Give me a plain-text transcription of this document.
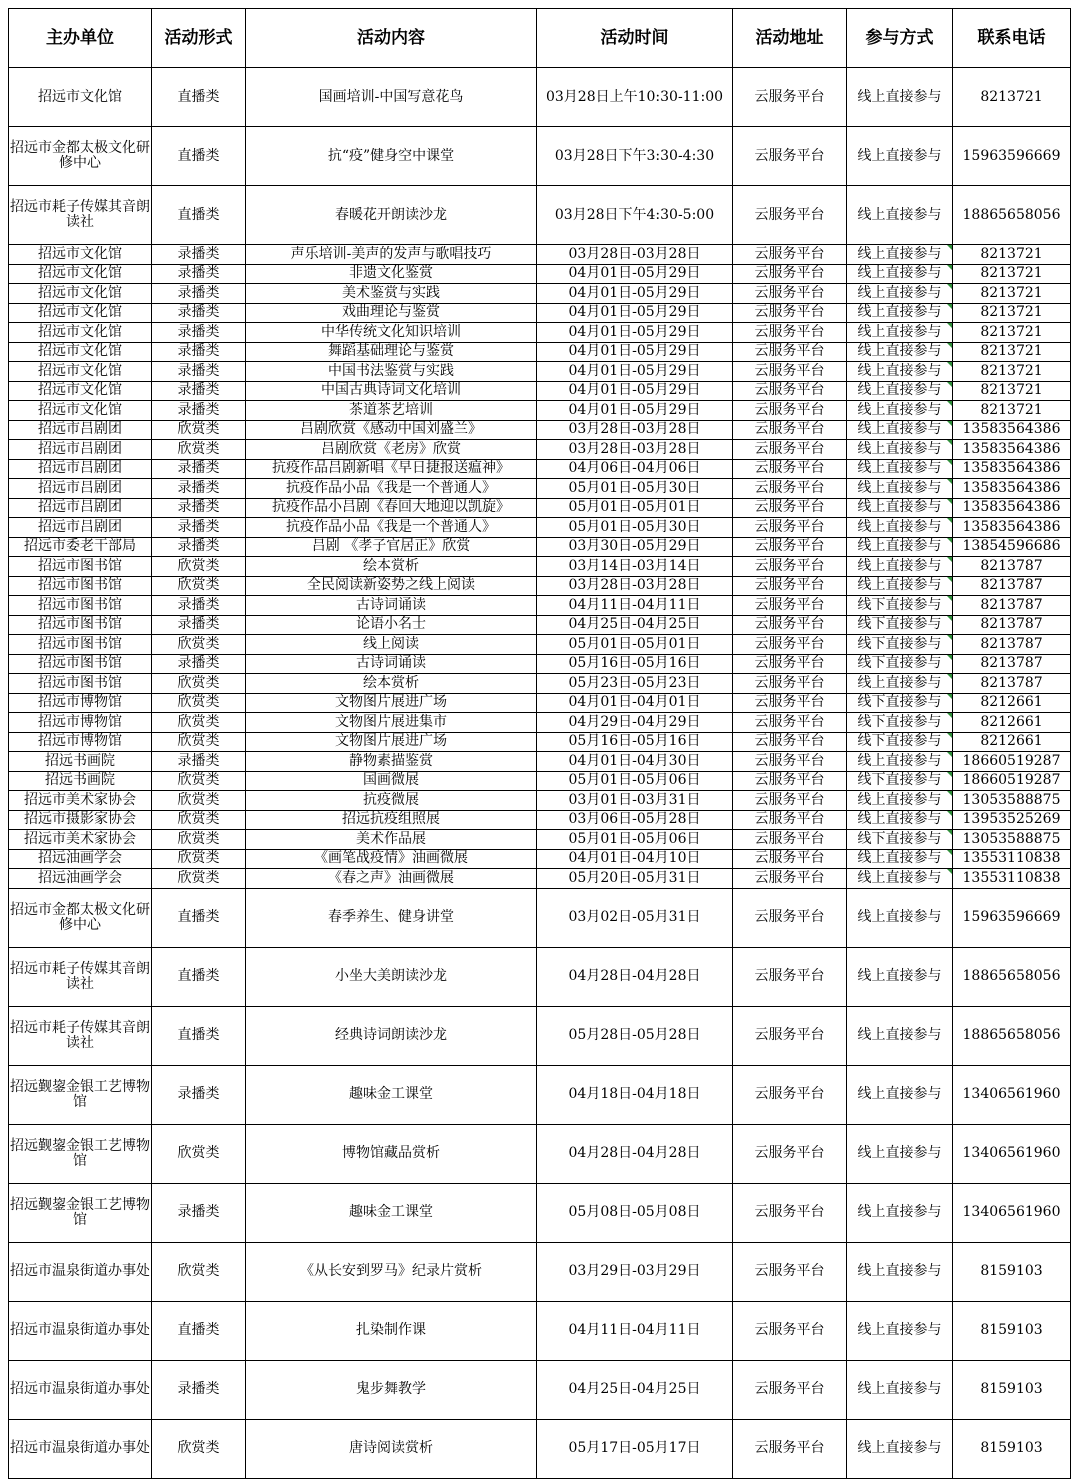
主办单位	活动形式	活动内容	活动时间	活动地址	参与方式	联系电话
招远市文化馆	直播类	国画培训-中国写意花鸟	03月28日上午10:30-11:00	云服务平台	线上直接参与	8213721
招远市金都太极文化研修中心	直播类	抗“疫”健身空中课堂	03月28日下午3:30-4:30	云服务平台	线上直接参与	15963596669
招远市耗子传媒其音朗读社	直播类	春暖花开朗读沙龙	03月28日下午4:30-5:00	云服务平台	线上直接参与	18865658056
招远市文化馆	录播类	声乐培训-美声的发声与歌唱技巧	03月28日-03月28日	云服务平台	线上直接参与	8213721
招远市文化馆	录播类	非遗文化鉴赏	04月01日-05月29日	云服务平台	线上直接参与	8213721
招远市文化馆	录播类	美术鉴赏与实践	04月01日-05月29日	云服务平台	线上直接参与	8213721
招远市文化馆	录播类	戏曲理论与鉴赏	04月01日-05月29日	云服务平台	线上直接参与	8213721
招远市文化馆	录播类	中华传统文化知识培训	04月01日-05月29日	云服务平台	线上直接参与	8213721
招远市文化馆	录播类	舞蹈基础理论与鉴赏	04月01日-05月29日	云服务平台	线上直接参与	8213721
招远市文化馆	录播类	中国书法鉴赏与实践	04月01日-05月29日	云服务平台	线上直接参与	8213721
招远市文化馆	录播类	中国古典诗词文化培训	04月01日-05月29日	云服务平台	线上直接参与	8213721
招远市文化馆	录播类	茶道茶艺培训	04月01日-05月29日	云服务平台	线上直接参与	8213721
招远市吕剧团	欣赏类	吕剧欣赏《感动中国刘盛兰》	03月28日-03月28日	云服务平台	线上直接参与	13583564386
招远市吕剧团	欣赏类	吕剧欣赏《老房》欣赏	03月28日-03月28日	云服务平台	线上直接参与	13583564386
招远市吕剧团	录播类	抗疫作品吕剧新唱《早日捷报送瘟神》	04月06日-04月06日	云服务平台	线上直接参与	13583564386
招远市吕剧团	录播类	抗疫作品小品《我是一个普通人》	05月01日-05月30日	云服务平台	线上直接参与	13583564386
招远市吕剧团	录播类	抗疫作品小吕剧《春回大地迎以凯旋》	05月01日-05月01日	云服务平台	线上直接参与	13583564386
招远市吕剧团	录播类	抗疫作品小品《我是一个普通人》	05月01日-05月30日	云服务平台	线上直接参与	13583564386
招远市委老干部局	录播类	吕剧 《孝子官居正》欣赏	03月30日-05月29日	云服务平台	线上直接参与	13854596686
招远市图书馆	欣赏类	绘本赏析	03月14日-03月14日	云服务平台	线上直接参与	8213787
招远市图书馆	欣赏类	全民阅读新姿势之线上阅读	03月28日-03月28日	云服务平台	线上直接参与	8213787
招远市图书馆	录播类	古诗词诵读	04月11日-04月11日	云服务平台	线下直接参与	8213787
招远市图书馆	录播类	论语小名士	04月25日-04月25日	云服务平台	线下直接参与	8213787
招远市图书馆	欣赏类	线上阅读	05月01日-05月01日	云服务平台	线下直接参与	8213787
招远市图书馆	录播类	古诗词诵读	05月16日-05月16日	云服务平台	线下直接参与	8213787
招远市图书馆	欣赏类	绘本赏析	05月23日-05月23日	云服务平台	线上直接参与	8213787
招远市博物馆	欣赏类	文物图片展进广场	04月01日-04月01日	云服务平台	线下直接参与	8212661
招远市博物馆	欣赏类	文物图片展进集市	04月29日-04月29日	云服务平台	线下直接参与	8212661
招远市博物馆	欣赏类	文物图片展进广场	05月16日-05月16日	云服务平台	线下直接参与	8212661
招远书画院	录播类	静物素描鉴赏	04月01日-04月30日	云服务平台	线上直接参与	18660519287
招远书画院	欣赏类	国画微展	05月01日-05月06日	云服务平台	线下直接参与	18660519287
招远市美术家协会	欣赏类	抗疫微展	03月01日-03月31日	云服务平台	线上直接参与	13053588875
招远市摄影家协会	欣赏类	招远抗疫组照展	03月06日-05月28日	云服务平台	线上直接参与	13953525269
招远市美术家协会	欣赏类	美术作品展	05月01日-05月06日	云服务平台	线下直接参与	13053588875
招远油画学会	欣赏类	《画笔战疫情》油画微展	04月01日-04月10日	云服务平台	线上直接参与	13553110838
招远油画学会	欣赏类	《春之声》油画微展	05月20日-05月31日	云服务平台	线上直接参与	13553110838
招远市金都太极文化研修中心	直播类	春季养生、健身讲堂	03月02日-05月31日	云服务平台	线上直接参与	15963596669
招远市耗子传媒其音朗读社	直播类	小坐大美朗读沙龙	04月28日-04月28日	云服务平台	线上直接参与	18865658056
招远市耗子传媒其音朗读社	直播类	经典诗词朗读沙龙	05月28日-05月28日	云服务平台	线上直接参与	18865658056
招远觐鋆金银工艺博物馆	录播类	趣味金工课堂	04月18日-04月18日	云服务平台	线上直接参与	13406561960
招远觐鋆金银工艺博物馆	欣赏类	博物馆藏品赏析	04月28日-04月28日	云服务平台	线上直接参与	13406561960
招远觐鋆金银工艺博物馆	录播类	趣味金工课堂	05月08日-05月08日	云服务平台	线上直接参与	13406561960
招远市温泉街道办事处	欣赏类	《从长安到罗马》纪录片赏析	03月29日-03月29日	云服务平台	线上直接参与	8159103
招远市温泉街道办事处	直播类	扎染制作课	04月11日-04月11日	云服务平台	线上直接参与	8159103
招远市温泉街道办事处	录播类	鬼步舞教学	04月25日-04月25日	云服务平台	线上直接参与	8159103
招远市温泉街道办事处	欣赏类	唐诗阅读赏析	05月17日-05月17日	云服务平台	线上直接参与	8159103
